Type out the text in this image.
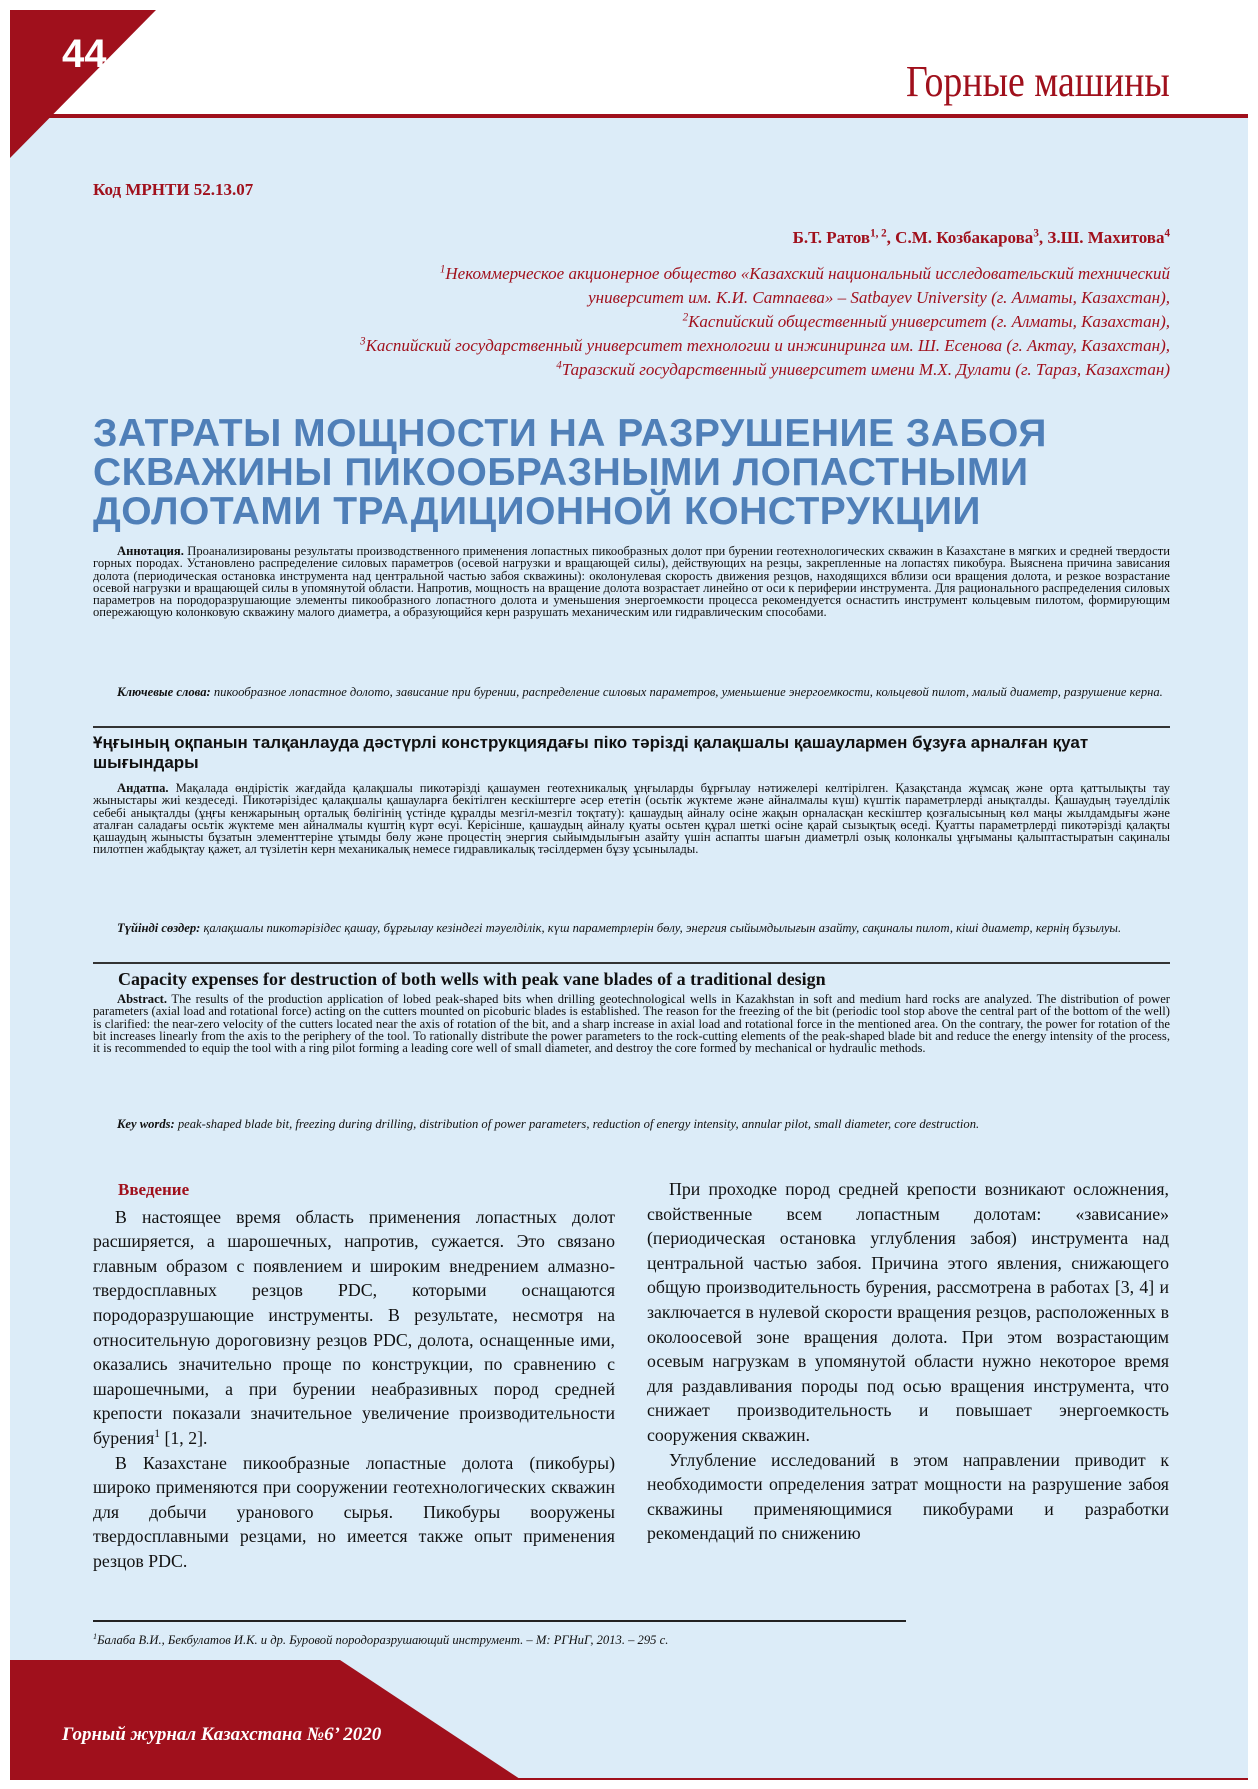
44
Горные машины
Код МРНТИ 52.13.07
Б.Т. Ратов$^{1, 2}$, С.М. Козбакарова$^3$, З.Ш. Махитова$^4$
$^1$Некоммерческое акционерное общество «Казахский национальный исследовательский технический
университет им. К.И. Сатпаева» – Satbayev University (г. Алматы, Казахстан),
$^2$Каспийский общественный университет (г. Алматы, Казахстан),
$^3$Каспийский государственный университет технологии и инжиниринга им. Ш. Есенова (г. Актау, Казахстан),
$^4$Таразский государственный университет имени М.Х. Дулати (г. Тараз, Казахстан)
ЗАТРАТЫ МОЩНОСТИ НА РАЗРУШЕНИЕ ЗАБОЯ
СКВАЖИНЫ ПИКООБРАЗНЫМИ ЛОПАСТНЫМИ
ДОЛОТАМИ ТРАДИЦИОННОЙ КОНСТРУКЦИИ
Аннотация. Проанализированы результаты производственного применения лопастных пикообразных долот при бурении геотехнологических скважин в Казахстане в мягких и средней твердости горных породах. Установлено распределение силовых параметров (осевой нагрузки и вращающей силы), действующих на резцы, закрепленные на лопастях пикобура. Выяснена причина зависания долота (периодическая остановка инструмента над центральной частью забоя скважины): околонулевая скорость движения резцов, находящихся вблизи оси вращения долота, и резкое возрастание осевой нагрузки и вращающей силы в упомянутой области. Напротив, мощность на вращение долота возрастает линейно от оси к периферии инструмента. Для рационального распределения силовых параметров на породоразрушающие элементы пикообразного лопастного долота и уменьшения энергоемкости процесса рекомендуется оснастить инструмент кольцевым пилотом, формирующим опережающую колонковую скважину малого диаметра, а образующийся керн разрушать механическим или гидравлическим способами.
Ключевые слова: пикообразное лопастное долото, зависание при бурении, распределение силовых параметров, уменьшение энергоемкости, кольцевой пилот, малый диаметр, разрушение керна.
Ұңғының оқпанын талқанлауда дәстүрлі конструкциядағы піко тәрізді қалақшалы қашаулармен бұзуға арналған қуат шығындары
Андатпа. Мақалада өндірістік жағдайда қалақшалы пикотәрізді қашаумен геотехникалық ұңғыларды бұрғылау нәтижелері келтірілген. Қазақстанда жұмсақ және орта қаттылықты тау жыныстары жиі кездеседі. Пикотәрізідес қалақшалы қашауларға бекітілген кескіштерге әсер ететін (осьтік жүктеме және айналмалы күш) күштік параметрлерді анықталды. Қашаудың тәуелділік себебі анықталды (ұңғы кенжарының орталық бөлігінің үстінде құралды мезгіл-мезгіл тоқтату): қашаудың айналу осіне жақын орналасқан кескіштер қозғалысының көл маңы жылдамдығы және аталған саладағы осьтік жүктеме мен айналмалы күштің күрт өсуі. Керісінше, қашаудың айналу қуаты осьтен құрал шеткі осіне қарай сызықтық өседі. Қуатты параметрлерді пикотәрізді қалақты қашаудың жынысты бұзатын элементтеріне ұтымды бөлу және процестің энергия сыйымдылығын азайту үшін аспапты шағын диаметрлі озық колонкалы ұңғыманы қалыптастыратын сақиналы пилотпен жабдықтау қажет, ал түзілетін керн механикалық немесе гидравликалық тәсілдермен бұзу ұсынылады.
Түйінді сөздер: қалақшалы пикотәрізідес қашау, бұрғылау кезіндегі тәуелділік, күш параметрлерін бөлу, энергия сыйымдылығын азайту, сақиналы пилот, кіші диаметр, кернің бұзылуы.
Capacity expenses for destruction of both wells with peak vane blades of a traditional design
Abstract. The results of the production application of lobed peak-shaped bits when drilling geotechnological wells in Kazakhstan in soft and medium hard rocks are analyzed. The distribution of power parameters (axial load and rotational force) acting on the cutters mounted on picoburic blades is established. The reason for the freezing of the bit (periodic tool stop above the central part of the bottom of the well) is clarified: the near-zero velocity of the cutters located near the axis of rotation of the bit, and a sharp increase in axial load and rotational force in the mentioned area. On the contrary, the power for rotation of the bit increases linearly from the axis to the periphery of the tool. To rationally distribute the power parameters to the rock-cutting elements of the peak-shaped blade bit and reduce the energy intensity of the process, it is recommended to equip the tool with a ring pilot forming a leading core well of small diameter, and destroy the core formed by mechanical or hydraulic methods.
Key words: peak-shaped blade bit, freezing during drilling, distribution of power parameters, reduction of energy intensity, annular pilot, small diameter, core destruction.
Введение

В настоящее время область применения лопастных долот расширяется, а шарошечных, напротив, сужается. Это связано главным образом с появлением и широким внедрением алмазно-твердосплавных резцов PDC, которыми оснащаются породоразрушающие инструменты. В результате, несмотря на относительную дороговизну резцов PDC, долота, оснащенные ими, оказались значительно проще по конструкции, по сравнению с шарошечными, а при бурении неабразивных пород средней крепости показали значительное увеличение производительности бурения$^1$ [1, 2].

В Казахстане пикообразные лопастные долота (пикобуры) широко применяются при сооружении геотехнологических скважин для добычи уранового сырья. Пикобуры вооружены твердосплавными резцами, но имеется также опыт применения резцов PDC.

При проходке пород средней крепости возникают осложнения, свойственные всем лопастным долотам: «зависание» (периодическая остановка углубления забоя) инструмента над центральной частью забоя. Причина этого явления, снижающего общую производительность бурения, рассмотрена в работах [3, 4] и заключается в нулевой скорости вращения резцов, расположенных в околоосевой зоне вращения долота. При этом возрастающим осевым нагрузкам в упомянутой области нужно некоторое время для раздавливания породы под осью вращения инструмента, что снижает производительность и повышает энергоемкость сооружения скважин.

Углубление исследований в этом направлении приводит к необходимости определения затрат мощности на разрушение забоя скважины применяющимися пикобурами и разработки рекомендаций по снижению

$^1$Балаба В.И., Бекбулатов И.К. и др. Буровой породоразрушающий инструмент. – М: РГНиГ, 2013. – 295 с.
Горный журнал Казахстана №6’ 2020
